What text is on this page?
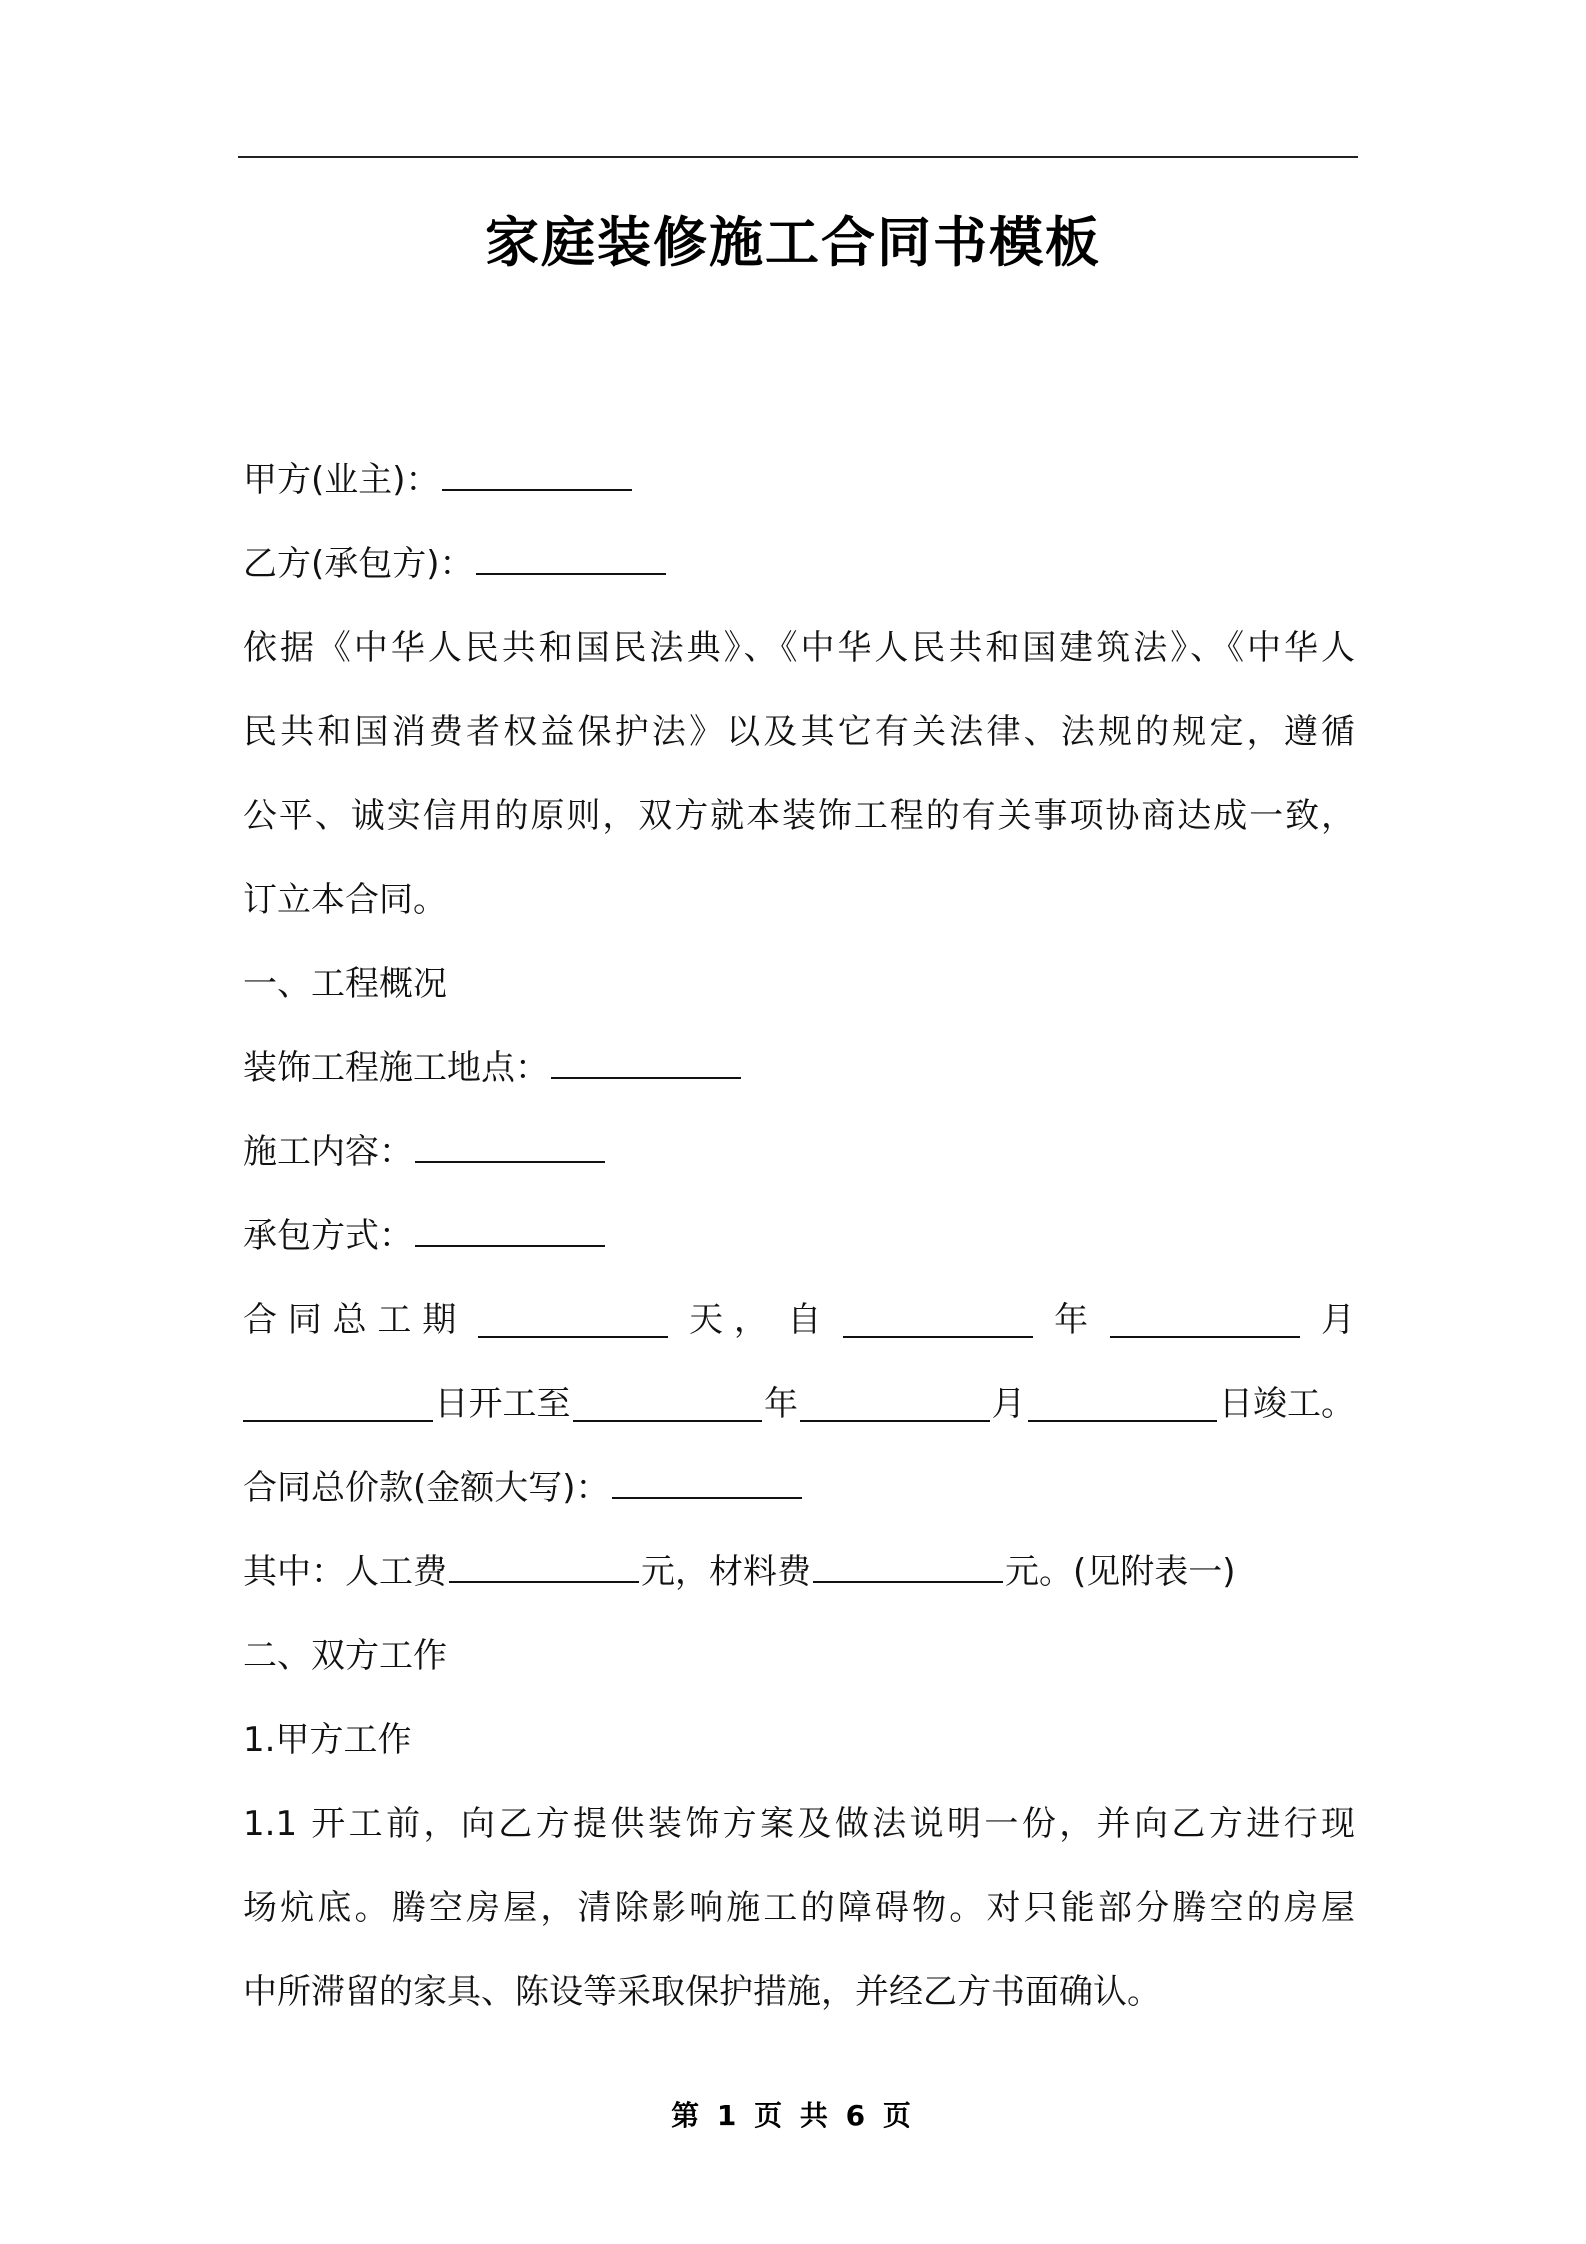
家庭装修施工合同书模板
甲方(业主)：
乙方(承包方)：
依据《中华人民共和国民法典》、《中华人民共和国建筑法》、《中华人
民共和国消费者权益保护法》以及其它有关法律、法规的规定，遵循
公平、诚实信用的原则，双方就本装饰工程的有关事项协商达成一致，
订立本合同。
一、工程概况
装饰工程施工地点：
施工内容：
承包方式：
合 同 总 工 期	天 ， 自	年	月
日开工至	年	月	日竣工。
合同总价款(金额大写)：
其中：人工费	元，材料费	元。(见附表一)
二、双方工作
1.甲方工作
1.1 开工前，向乙方提供装饰方案及做法说明一份，并向乙方进行现
场炕底。腾空房屋，清除影响施工的障碍物。对只能部分腾空的房屋
中所滞留的家具、陈设等采取保护措施，并经乙方书面确认。
第 1 页 共 6 页
